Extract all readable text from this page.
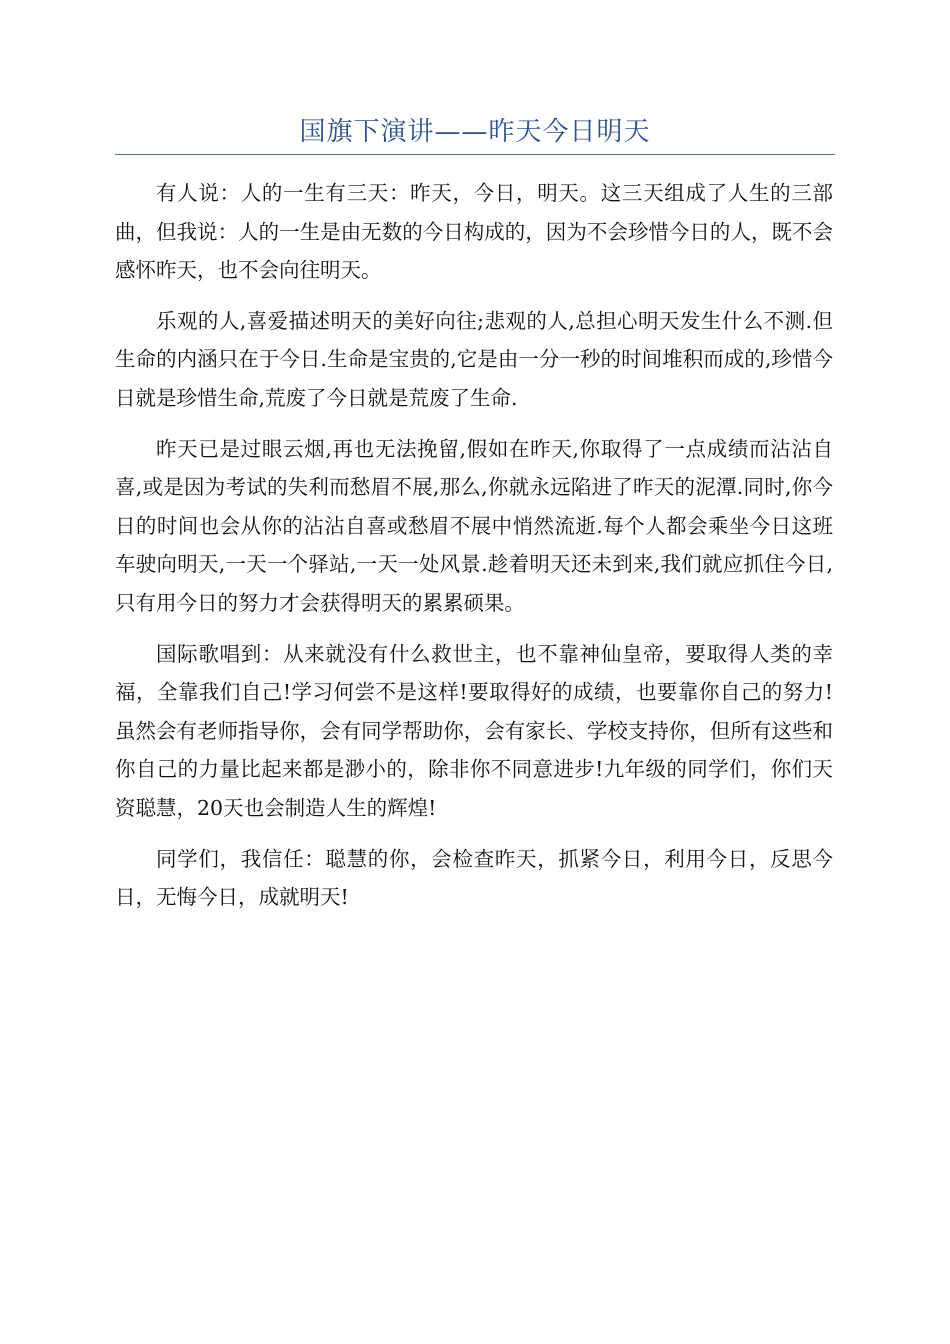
国旗下演讲——昨天今日明天

有人说：人的一生有三天：昨天，今日，明天。这三天组成了人生的三部曲，但我说：人的一生是由无数的今日构成的，因为不会珍惜今日的人，既不会感怀昨天，也不会向往明天。

乐观的人,喜爱描述明天的美好向往;悲观的人,总担心明天发生什么不测.但生命的内涵只在于今日.生命是宝贵的,它是由一分一秒的时间堆积而成的,珍惜今日就是珍惜生命,荒废了今日就是荒废了生命.

昨天已是过眼云烟,再也无法挽留,假如在昨天,你取得了一点成绩而沾沾自喜,或是因为考试的失利而愁眉不展,那么,你就永远陷进了昨天的泥潭.同时,你今日的时间也会从你的沾沾自喜或愁眉不展中悄然流逝.每个人都会乘坐今日这班车驶向明天,一天一个驿站,一天一处风景.趁着明天还未到来,我们就应抓住今日,只有用今日的努力才会获得明天的累累硕果。

国际歌唱到：从来就没有什么救世主，也不靠神仙皇帝，要取得人类的幸福，全靠我们自己!学习何尝不是这样!要取得好的成绩，也要靠你自己的努力!虽然会有老师指导你，会有同学帮助你，会有家长、学校支持你，但所有这些和你自己的力量比起来都是渺小的，除非你不同意进步!九年级的同学们，你们天资聪慧，20天也会制造人生的辉煌!

同学们，我信任：聪慧的你，会检查昨天，抓紧今日，利用今日，反思今日，无悔今日，成就明天!
